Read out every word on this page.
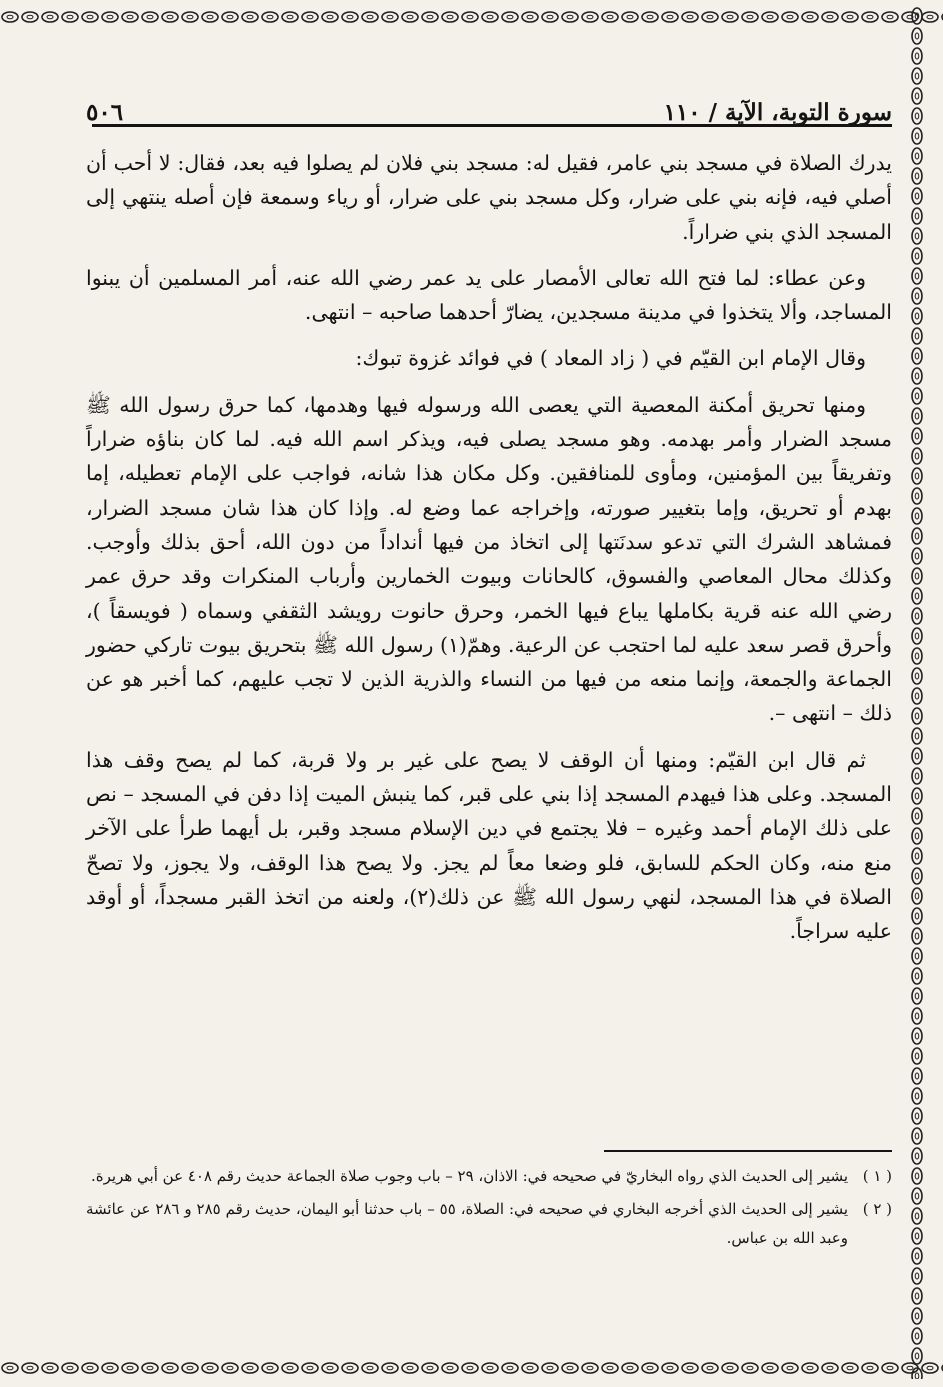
سورة التوبة، الآية / ١١٠
٥٠٦

يدرك الصلاة في مسجد بني عامر، فقيل له: مسجد بني فلان لم يصلوا فيه بعد، فقال: لا أحب أن أصلي فيه، فإنه بني على ضرار، وكل مسجد بني على ضرار، أو رياء وسمعة فإن أصله ينتهي إلى المسجد الذي بني ضراراً.

وعن عطاء: لما فتح الله تعالى الأمصار على يد عمر رضي الله عنه، أمر المسلمين أن يبنوا المساجد، وألا يتخذوا في مدينة مسجدين، يضارّ أحدهما صاحبه – انتهى.

وقال الإمام ابن القيّم في ( زاد المعاد ) في فوائد غزوة تبوك:

ومنها تحريق أمكنة المعصية التي يعصى الله ورسوله فيها وهدمها، كما حرق رسول الله ﷺ مسجد الضرار وأمر بهدمه. وهو مسجد يصلى فيه، ويذكر اسم الله فيه. لما كان بناؤه ضراراً وتفريقاً بين المؤمنين، ومأوى للمنافقين. وكل مكان هذا شانه، فواجب على الإمام تعطيله، إما بهدم أو تحريق، وإما بتغيير صورته، وإخراجه عما وضع له. وإذا كان هذا شان مسجد الضرار، فمشاهد الشرك التي تدعو سدنَتها إلى اتخاذ من فيها أنداداً من دون الله، أحق بذلك وأوجب. وكذلك محال المعاصي والفسوق، كالحانات وبيوت الخمارين وأرباب المنكرات وقد حرق عمر رضي الله عنه قرية بكاملها يباع فيها الخمر، وحرق حانوت رويشد الثقفي وسماه ( فويسقاً )، وأحرق قصر سعد عليه لما احتجب عن الرعية. وهمّ(١) رسول الله ﷺ بتحريق بيوت تاركي حضور الجماعة والجمعة، وإنما منعه من فيها من النساء والذرية الذين لا تجب عليهم، كما أخبر هو عن ذلك – انتهى –.

ثم قال ابن القيّم: ومنها أن الوقف لا يصح على غير بر ولا قربة، كما لم يصح وقف هذا المسجد. وعلى هذا فيهدم المسجد إذا بني على قبر، كما ينبش الميت إذا دفن في المسجد – نص على ذلك الإمام أحمد وغيره – فلا يجتمع في دين الإسلام مسجد وقبر، بل أيهما طرأ على الآخر منع منه، وكان الحكم للسابق، فلو وضعا معاً لم يجز. ولا يصح هذا الوقف، ولا يجوز، ولا تصحّ الصلاة في هذا المسجد، لنهي رسول الله ﷺ عن ذلك(٢)، ولعنه من اتخذ القبر مسجداً، أو أوقد عليه سراجاً.

( ١ )
يشير إلى الحديث الذي رواه البخاريّ في صحيحه في: الاذان، ٢٩ – باب وجوب صلاة الجماعة حديث رقم ٤٠٨ عن أبي هريرة.
( ٢ )
يشير إلى الحديث الذي أخرجه البخاري في صحيحه في: الصلاة، ٥٥ – باب حدثنا أبو اليمان، حديث رقم ٢٨٥ و ٢٨٦ عن عائشة وعبد الله بن عباس.
